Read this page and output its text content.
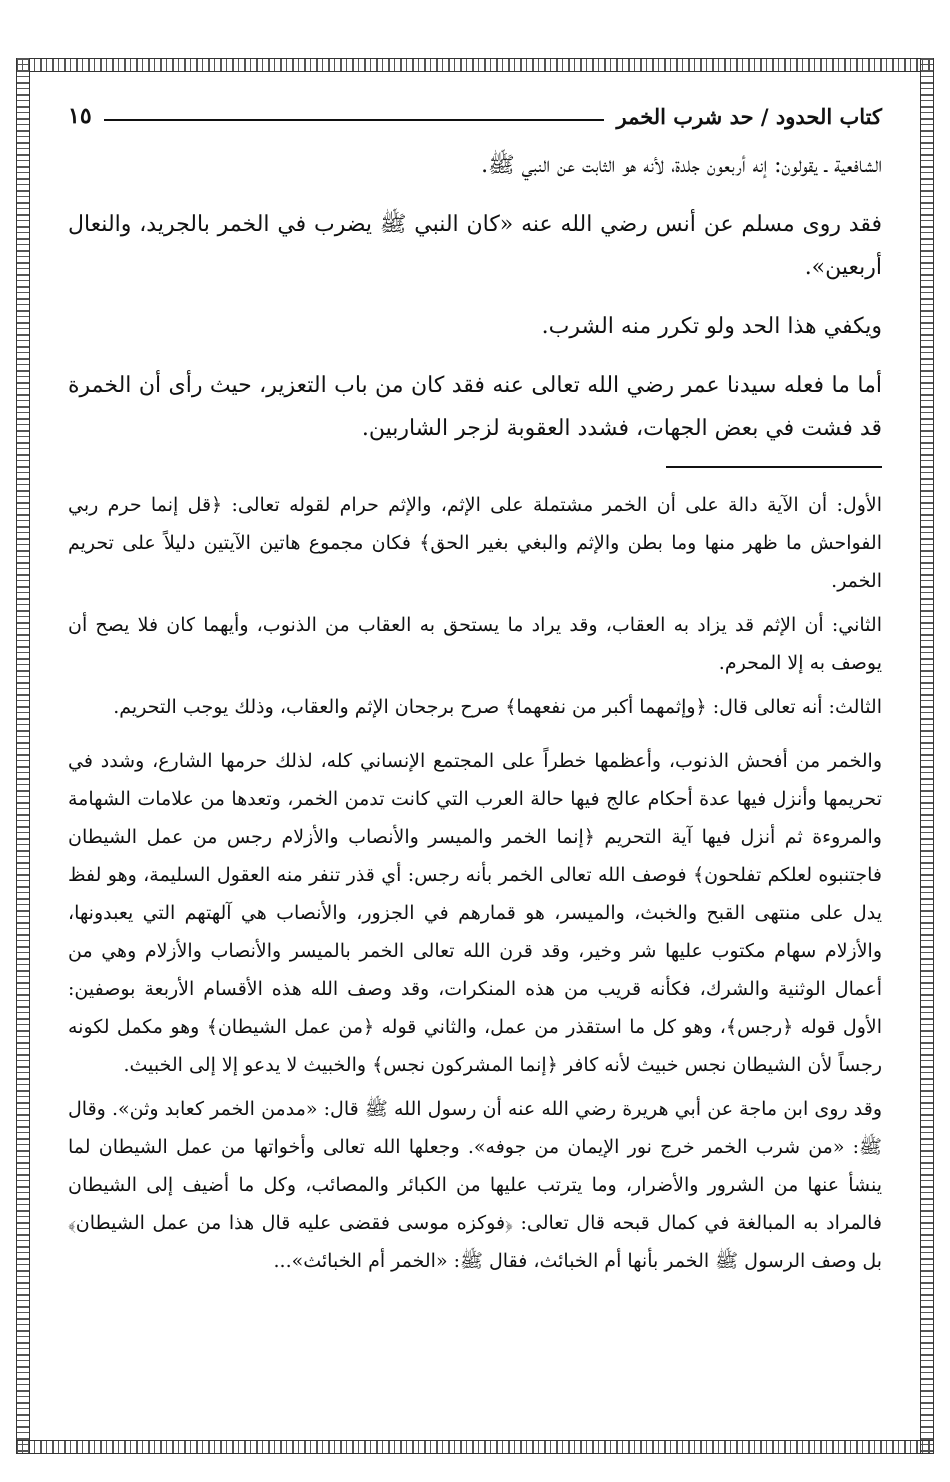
كتاب الحدود / حد شرب الخمر
١٥

الشافعية ـ يقولون: إنه أربعون جلدة، لأنه هو الثابت عن النبي ﷺ.

فقد روى مسلم عن أنس رضي الله عنه «كان النبي ﷺ يضرب في الخمر بالجريد، والنعال أربعين».

ويكفي هذا الحد ولو تكرر منه الشرب.

أما ما فعله سيدنا عمر رضي الله تعالى عنه فقد كان من باب التعزير، حيث رأى أن الخمرة قد فشت في بعض الجهات، فشدد العقوبة لزجر الشاربين.

الأول: أن الآية دالة على أن الخمر مشتملة على الإثم، والإثم حرام لقوله تعالى: ﴿قل إنما حرم ربي الفواحش ما ظهر منها وما بطن والإثم والبغي بغير الحق﴾ فكان مجموع هاتين الآيتين دليلاً على تحريم الخمر.

الثاني: أن الإثم قد يزاد به العقاب، وقد يراد ما يستحق به العقاب من الذنوب، وأيهما كان فلا يصح أن يوصف به إلا المحرم.

الثالث: أنه تعالى قال: ﴿وإثمهما أكبر من نفعهما﴾ صرح برجحان الإثم والعقاب، وذلك يوجب التحريم.

والخمر من أفحش الذنوب، وأعظمها خطراً على المجتمع الإنساني كله، لذلك حرمها الشارع، وشدد في تحريمها وأنزل فيها عدة أحكام عالج فيها حالة العرب التي كانت تدمن الخمر، وتعدها من علامات الشهامة والمروءة ثم أنزل فيها آية التحريم ﴿إنما الخمر والميسر والأنصاب والأزلام رجس من عمل الشيطان فاجتنبوه لعلكم تفلحون﴾ فوصف الله تعالى الخمر بأنه رجس: أي قذر تنفر منه العقول السليمة، وهو لفظ يدل على منتهى القبح والخبث، والميسر، هو قمارهم في الجزور، والأنصاب هي آلهتهم التي يعبدونها، والأزلام سهام مكتوب عليها شر وخير، وقد قرن الله تعالى الخمر بالميسر والأنصاب والأزلام وهي من أعمال الوثنية والشرك، فكأنه قريب من هذه المنكرات، وقد وصف الله هذه الأقسام الأربعة بوصفين: الأول قوله ﴿رجس﴾، وهو كل ما استقذر من عمل، والثاني قوله ﴿من عمل الشيطان﴾ وهو مكمل لكونه رجساً لأن الشيطان نجس خبيث لأنه كافر ﴿إنما المشركون نجس﴾ والخبيث لا يدعو إلا إلى الخبيث.

وقد روى ابن ماجة عن أبي هريرة رضي الله عنه أن رسول الله ﷺ قال: «مدمن الخمر كعابد وثن». وقال ﷺ: «من شرب الخمر خرج نور الإيمان من جوفه». وجعلها الله تعالى وأخواتها من عمل الشيطان لما ينشأ عنها من الشرور والأضرار، وما يترتب عليها من الكبائر والمصائب، وكل ما أضيف إلى الشيطان فالمراد به المبالغة في كمال قبحه قال تعالى: ﴿فوكزه موسى فقضى عليه قال هذا من عمل الشيطان﴾ بل وصف الرسول ﷺ الخمر بأنها أم الخبائث، فقال ﷺ: «الخمر أم الخبائث»...
